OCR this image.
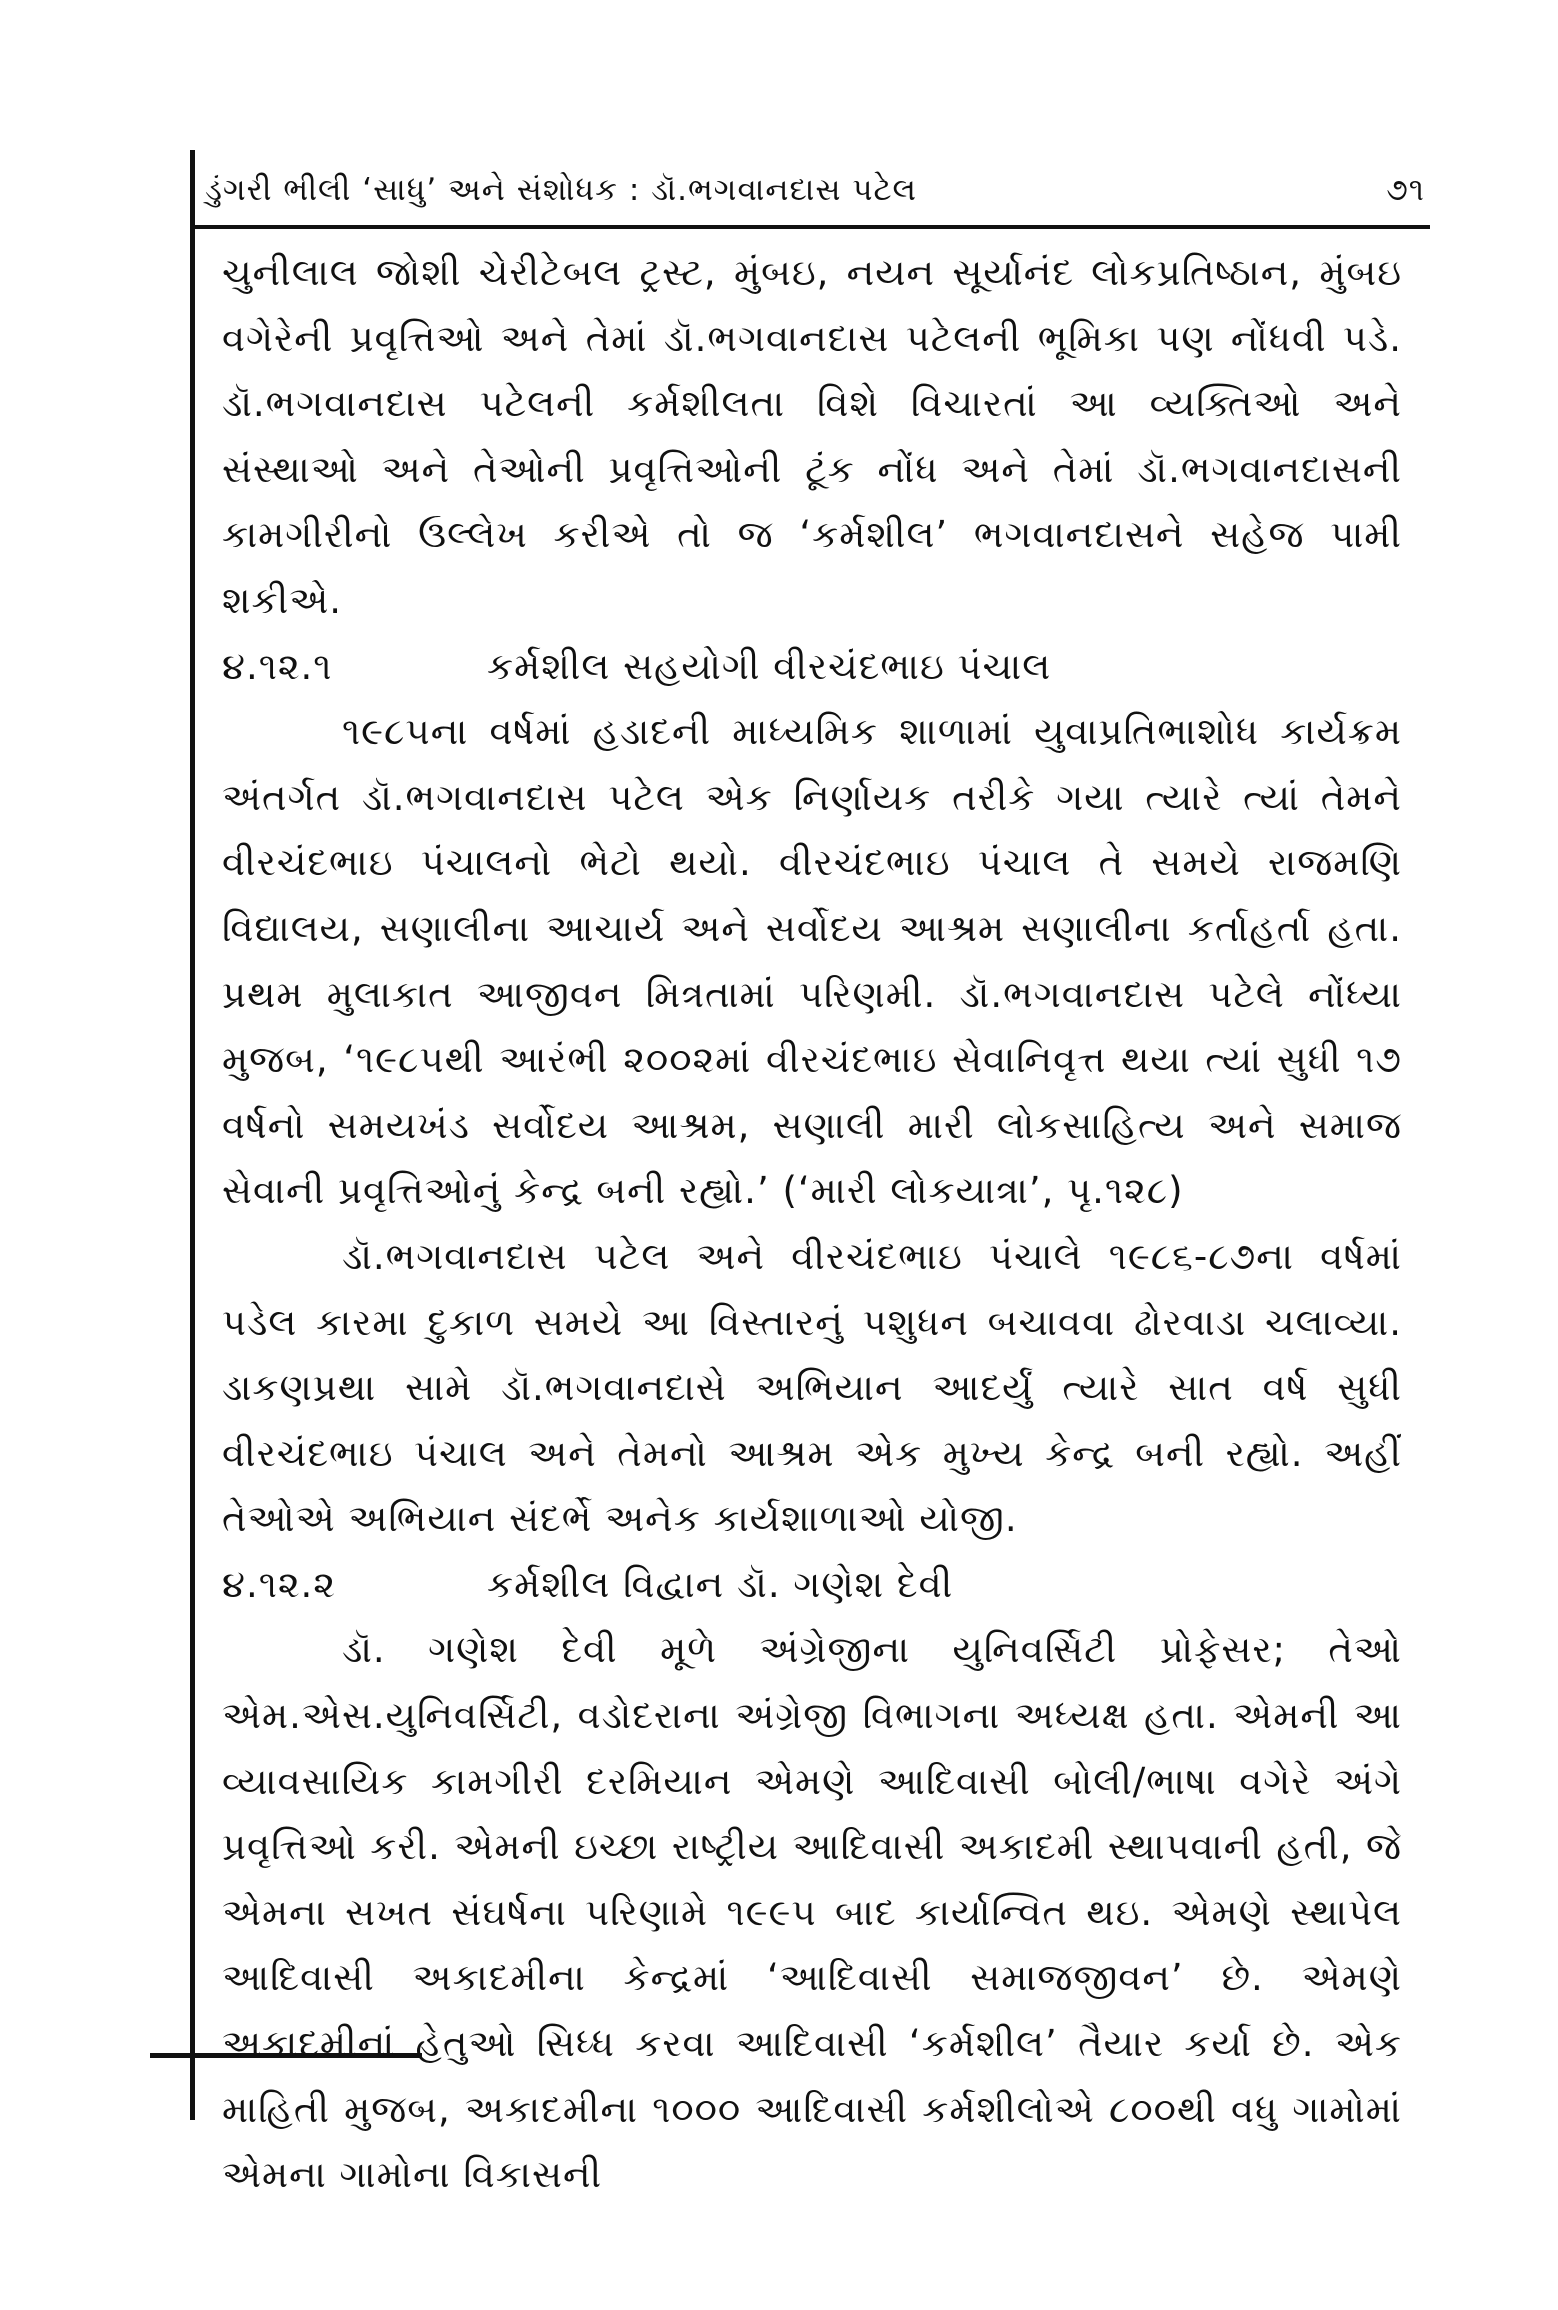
ડુંગરી ભીલી ‘સાધુ’ અને સંશોધક : ડૉ.ભગવાનદાસ પટેલ	૭૧

ચુનીલાલ જોશી ચેરીટેબલ ટ્રસ્ટ, મુંબઇ, નયન સૂર્યાનંદ લોકપ્રતિષ્ઠાન, મુંબઇ વગેરેની પ્રવૃત્તિઓ અને તેમાં ડૉ.ભગવાનદાસ પટેલની ભૂમિકા પણ નોંધવી પડે. ડૉ.ભગવાનદાસ પટેલની કર્મશીલતા વિશે વિચારતાં આ વ્યક્તિઓ અને સંસ્થાઓ અને તેઓની પ્રવૃત્તિઓની ટૂંક નોંધ અને તેમાં ડૉ.ભગવાનદાસની કામગીરીનો ઉલ્લેખ કરીએ તો જ ‘કર્મશીલ’ ભગવાનદાસને સહેજ પામી શકીએ.

૪.૧૨.૧	કર્મશીલ સહયોગી વીરચંદભાઇ પંચાલ

૧૯૮૫ના વર્ષમાં હડાદની માધ્યમિક શાળામાં યુવાપ્રતિભાશોધ કાર્યક્રમ અંતર્ગત ડૉ.ભગવાનદાસ પટેલ એક નિર્ણાયક તરીકે ગયા ત્યારે ત્યાં તેમને વીરચંદભાઇ પંચાલનો ભેટો થયો. વીરચંદભાઇ પંચાલ તે સમયે રાજમણિ વિદ્યાલય, સણાલીના આચાર્ય અને સર્વોદય આશ્રમ સણાલીના કર્તાહર્તા હતા. પ્રથમ મુલાકાત આજીવન મિત્રતામાં પરિણમી. ડૉ.ભગવાનદાસ પટેલે નોંધ્યા મુજબ, ‘૧૯૮૫થી આરંભી ૨૦૦૨માં વીરચંદભાઇ સેવાનિવૃત્ત થયા ત્યાં સુધી ૧૭ વર્ષનો સમયખંડ સર્વોદય આશ્રમ, સણાલી મારી લોકસાહિત્ય અને સમાજ સેવાની પ્રવૃત્તિઓનું કેન્દ્ર બની રહ્યો.’ (‘મારી લોકયાત્રા’, પૃ.૧૨૮)

ડૉ.ભગવાનદાસ પટેલ અને વીરચંદભાઇ પંચાલે ૧૯૮૬-૮૭ના વર્ષમાં પડેલ કારમા દુકાળ સમયે આ વિસ્તારનું પશુધન બચાવવા ઢોરવાડા ચલાવ્યા. ડાકણપ્રથા સામે ડૉ.ભગવાનદાસે અભિયાન આદર્યું ત્યારે સાત વર્ષ સુધી વીરચંદભાઇ પંચાલ અને તેમનો આશ્રમ એક મુખ્ય કેન્દ્ર બની રહ્યો. અહીં તેઓએ અભિયાન સંદર્ભે અનેક કાર્યશાળાઓ યોજી.

૪.૧૨.૨	કર્મશીલ વિદ્વાન ડૉ. ગણેશ દેવી

ડૉ. ગણેશ દેવી મૂળે અંગ્રેજીના યુનિવર્સિટી પ્રોફેસર; તેઓ એમ.એસ.યુનિવર્સિટી, વડોદરાના અંગ્રેજી વિભાગના અધ્યક્ષ હતા. એમની આ વ્યાવસાયિક કામગીરી દરમિયાન એમણે આદિવાસી બોલી/ભાષા વગેરે અંગે પ્રવૃત્તિઓ કરી. એમની ઇચ્છા રાષ્ટ્રીય આદિવાસી અકાદમી સ્થાપવાની હતી, જે એમના સખત સંઘર્ષના પરિણામે ૧૯૯૫ બાદ કાર્યાન્વિત થઇ. એમણે સ્થાપેલ આદિવાસી અકાદમીના કેન્દ્રમાં ‘આદિવાસી સમાજજીવન’ છે. એમણે અકાદમીનાં હેતુઓ સિધ્ધ કરવા આદિવાસી ‘કર્મશીલ’ તૈયાર કર્યા છે. એક માહિતી મુજબ, અકાદમીના ૧૦૦૦ આદિવાસી કર્મશીલોએ ૮૦૦થી વધુ ગામોમાં એમના ગામોના વિકાસની
